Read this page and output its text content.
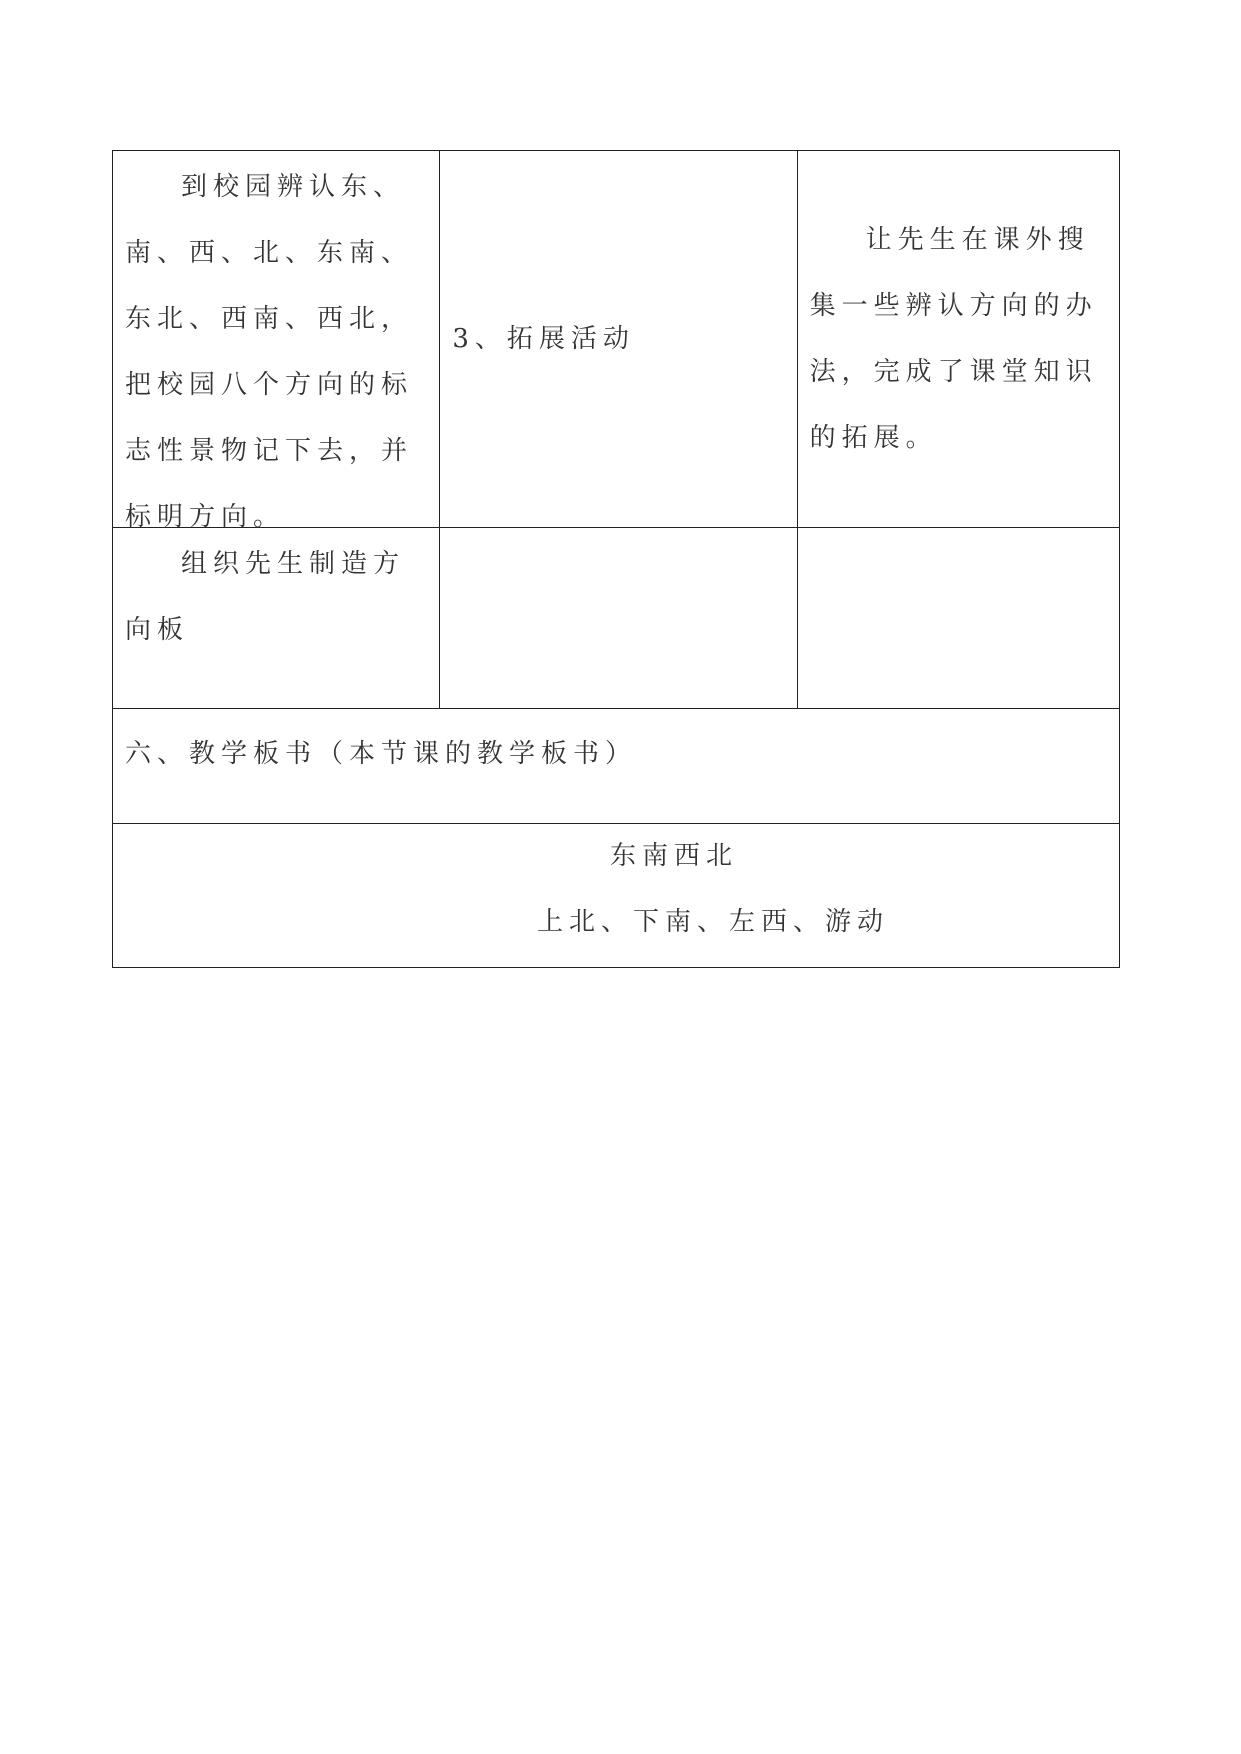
到校园辨认东、南、西、北、东南、东北、西南、西北，把校园八个方向的标志性景物记下去，并标明方向。

3、拓展活动

让先生在课外搜集一些辨认方向的办法，完成了课堂知识的拓展。

组织先生制造方向板

六、教学板书（本节课的教学板书）
东南西北
上北、下南、左西、游动
